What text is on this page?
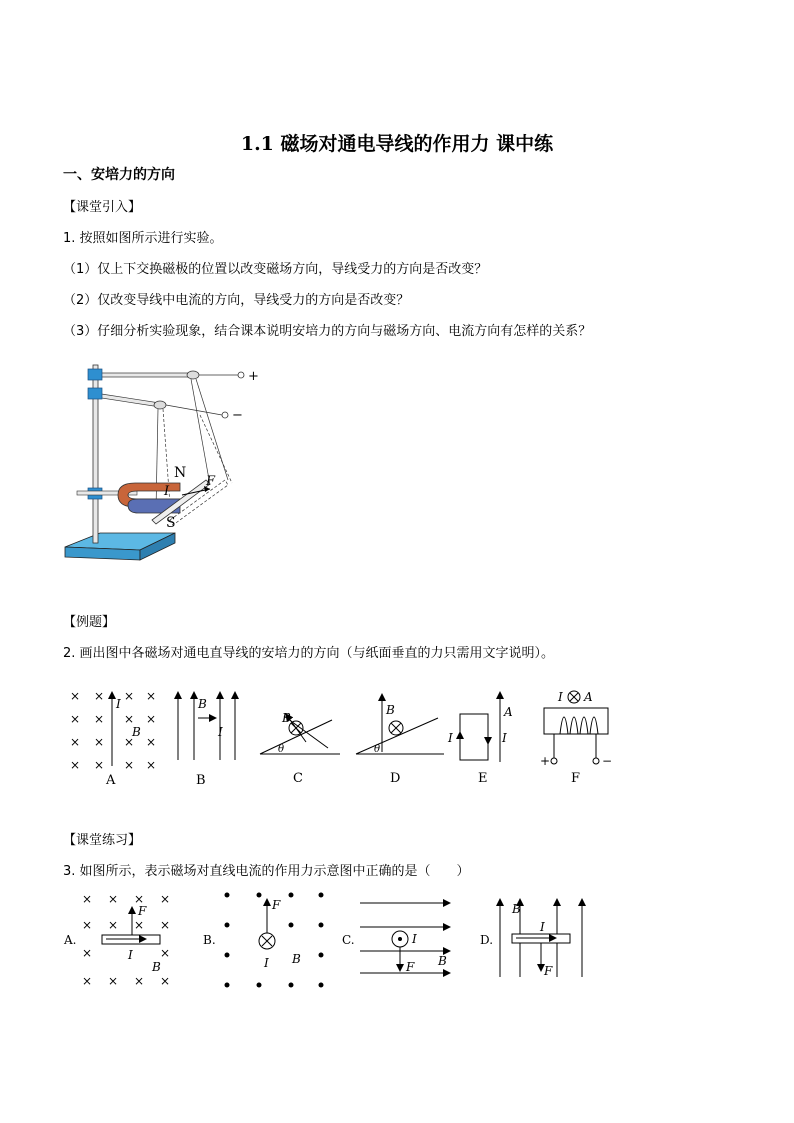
1.1 磁场对通电导线的作用力 课中练
一、安培力的方向
【课堂引入】
1. 按照如图所示进行实验。
（1）仅上下交换磁极的位置以改变磁场方向，导线受力的方向是否改变？
（2）仅改变导线中电流的方向，导线受力的方向是否改变？
（3）仔细分析实验现象，结合课本说明安培力的方向与磁场方向、电流方向有怎样的关系？
+
−
N
S
I
F
【例题】
2. 画出图中各磁场对通电直导线的安培力的方向（与纸面垂直的力只需用文字说明）。
× × × ×
× × × ×
× × × ×
× × × ×
I
B
A
B
I
B
B
θ
C
B
θ
D
A
I	I
E
+	−
I A
F
【课堂练习】
3. 如图所示，表示磁场对直线电流的作用力示意图中正确的是（　　）
A.
× × × ×
× × × ×
×	×
× × × ×
F
I
B
B.
F
I B
C.	I
F B
D.
B
I
F
